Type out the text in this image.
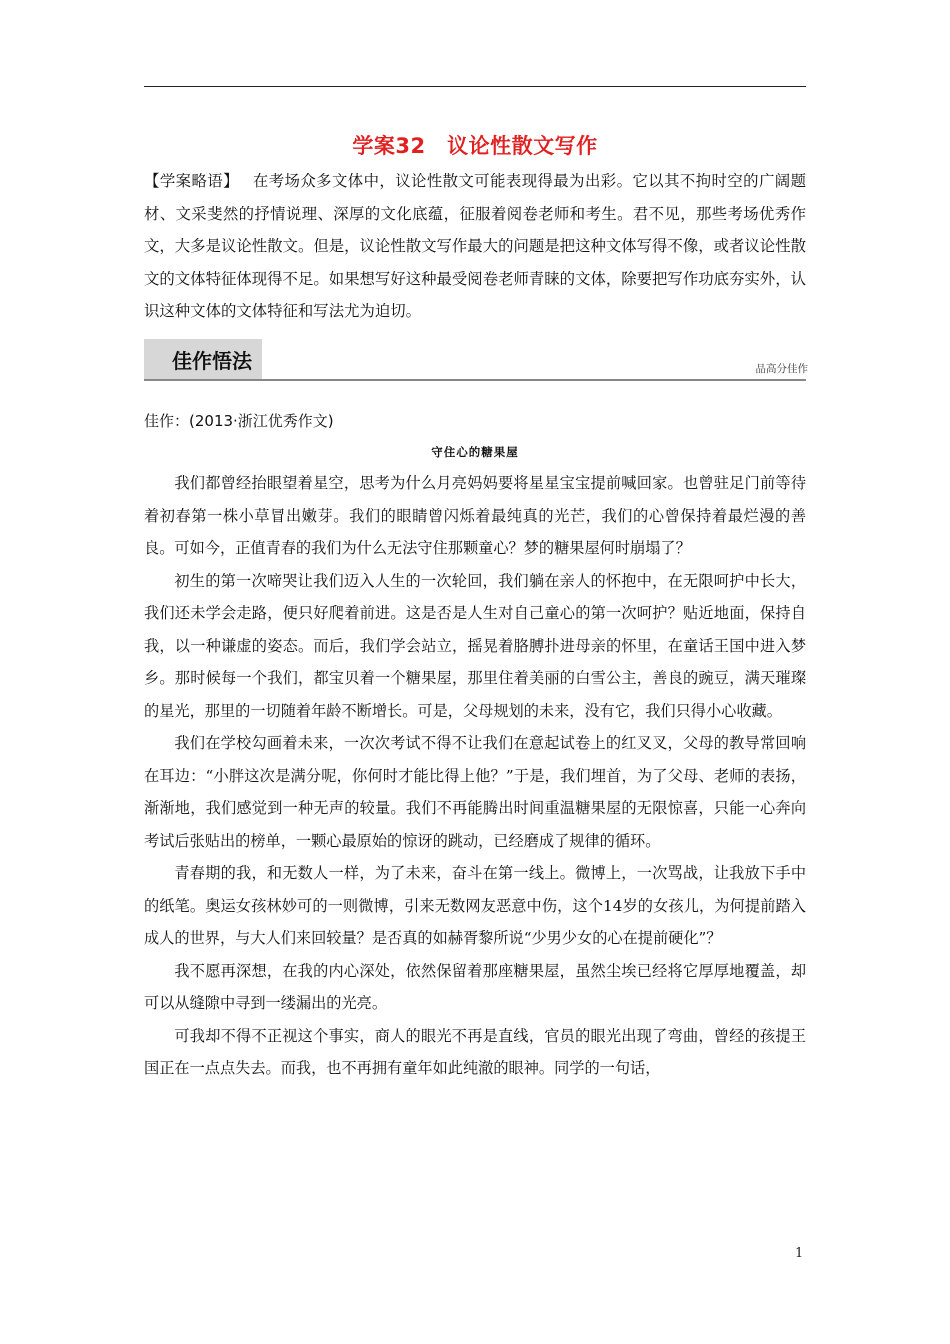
学案32　议论性散文写作

【学案略语】 在考场众多文体中，议论性散文可能表现得最为出彩。它以其不拘时空的广阔题材、文采斐然的抒情说理、深厚的文化底蕴，征服着阅卷老师和考生。君不见，那些考场优秀作文，大多是议论性散文。但是，议论性散文写作最大的问题是把这种文体写得不像，或者议论性散文的文体特征体现得不足。如果想写好这种最受阅卷老师青睐的文体，除要把写作功底夯实外，认识这种文体的文体特征和写法尤为迫切。

佳作悟法	品高分佳作
佳作：(2013·浙江优秀作文)
守住心的糖果屋

我们都曾经抬眼望着星空，思考为什么月亮妈妈要将星星宝宝提前喊回家。也曾驻足门前等待着初春第一株小草冒出嫩芽。我们的眼睛曾闪烁着最纯真的光芒，我们的心曾保持着最烂漫的善良。可如今，正值青春的我们为什么无法守住那颗童心？梦的糖果屋何时崩塌了？

初生的第一次啼哭让我们迈入人生的一次轮回，我们躺在亲人的怀抱中，在无限呵护中长大，我们还未学会走路，便只好爬着前进。这是否是人生对自己童心的第一次呵护？贴近地面，保持自我，以一种谦虚的姿态。而后，我们学会站立，摇晃着胳膊扑进母亲的怀里，在童话王国中进入梦乡。那时候每一个我们，都宝贝着一个糖果屋，那里住着美丽的白雪公主，善良的豌豆，满天璀璨的星光，那里的一切随着年龄不断增长。可是，父母规划的未来，没有它，我们只得小心收藏。

我们在学校勾画着未来，一次次考试不得不让我们在意起试卷上的红叉叉，父母的教导常回响在耳边：“小胖这次是满分呢，你何时才能比得上他？”于是，我们埋首，为了父母、老师的表扬，渐渐地，我们感觉到一种无声的较量。我们不再能腾出时间重温糖果屋的无限惊喜，只能一心奔向考试后张贴出的榜单，一颗心最原始的惊讶的跳动，已经磨成了规律的循环。

青春期的我，和无数人一样，为了未来，奋斗在第一线上。微博上，一次骂战，让我放下手中的纸笔。奥运女孩林妙可的一则微博，引来无数网友恶意中伤，这个14岁的女孩儿，为何提前踏入成人的世界，与大人们来回较量？是否真的如赫胥黎所说“少男少女的心在提前硬化”？

我不愿再深想，在我的内心深处，依然保留着那座糖果屋，虽然尘埃已经将它厚厚地覆盖，却可以从缝隙中寻到一缕漏出的光亮。

可我却不得不正视这个事实，商人的眼光不再是直线，官员的眼光出现了弯曲，曾经的孩提王国正在一点点失去。而我，也不再拥有童年如此纯澈的眼神。同学的一句话，

1
